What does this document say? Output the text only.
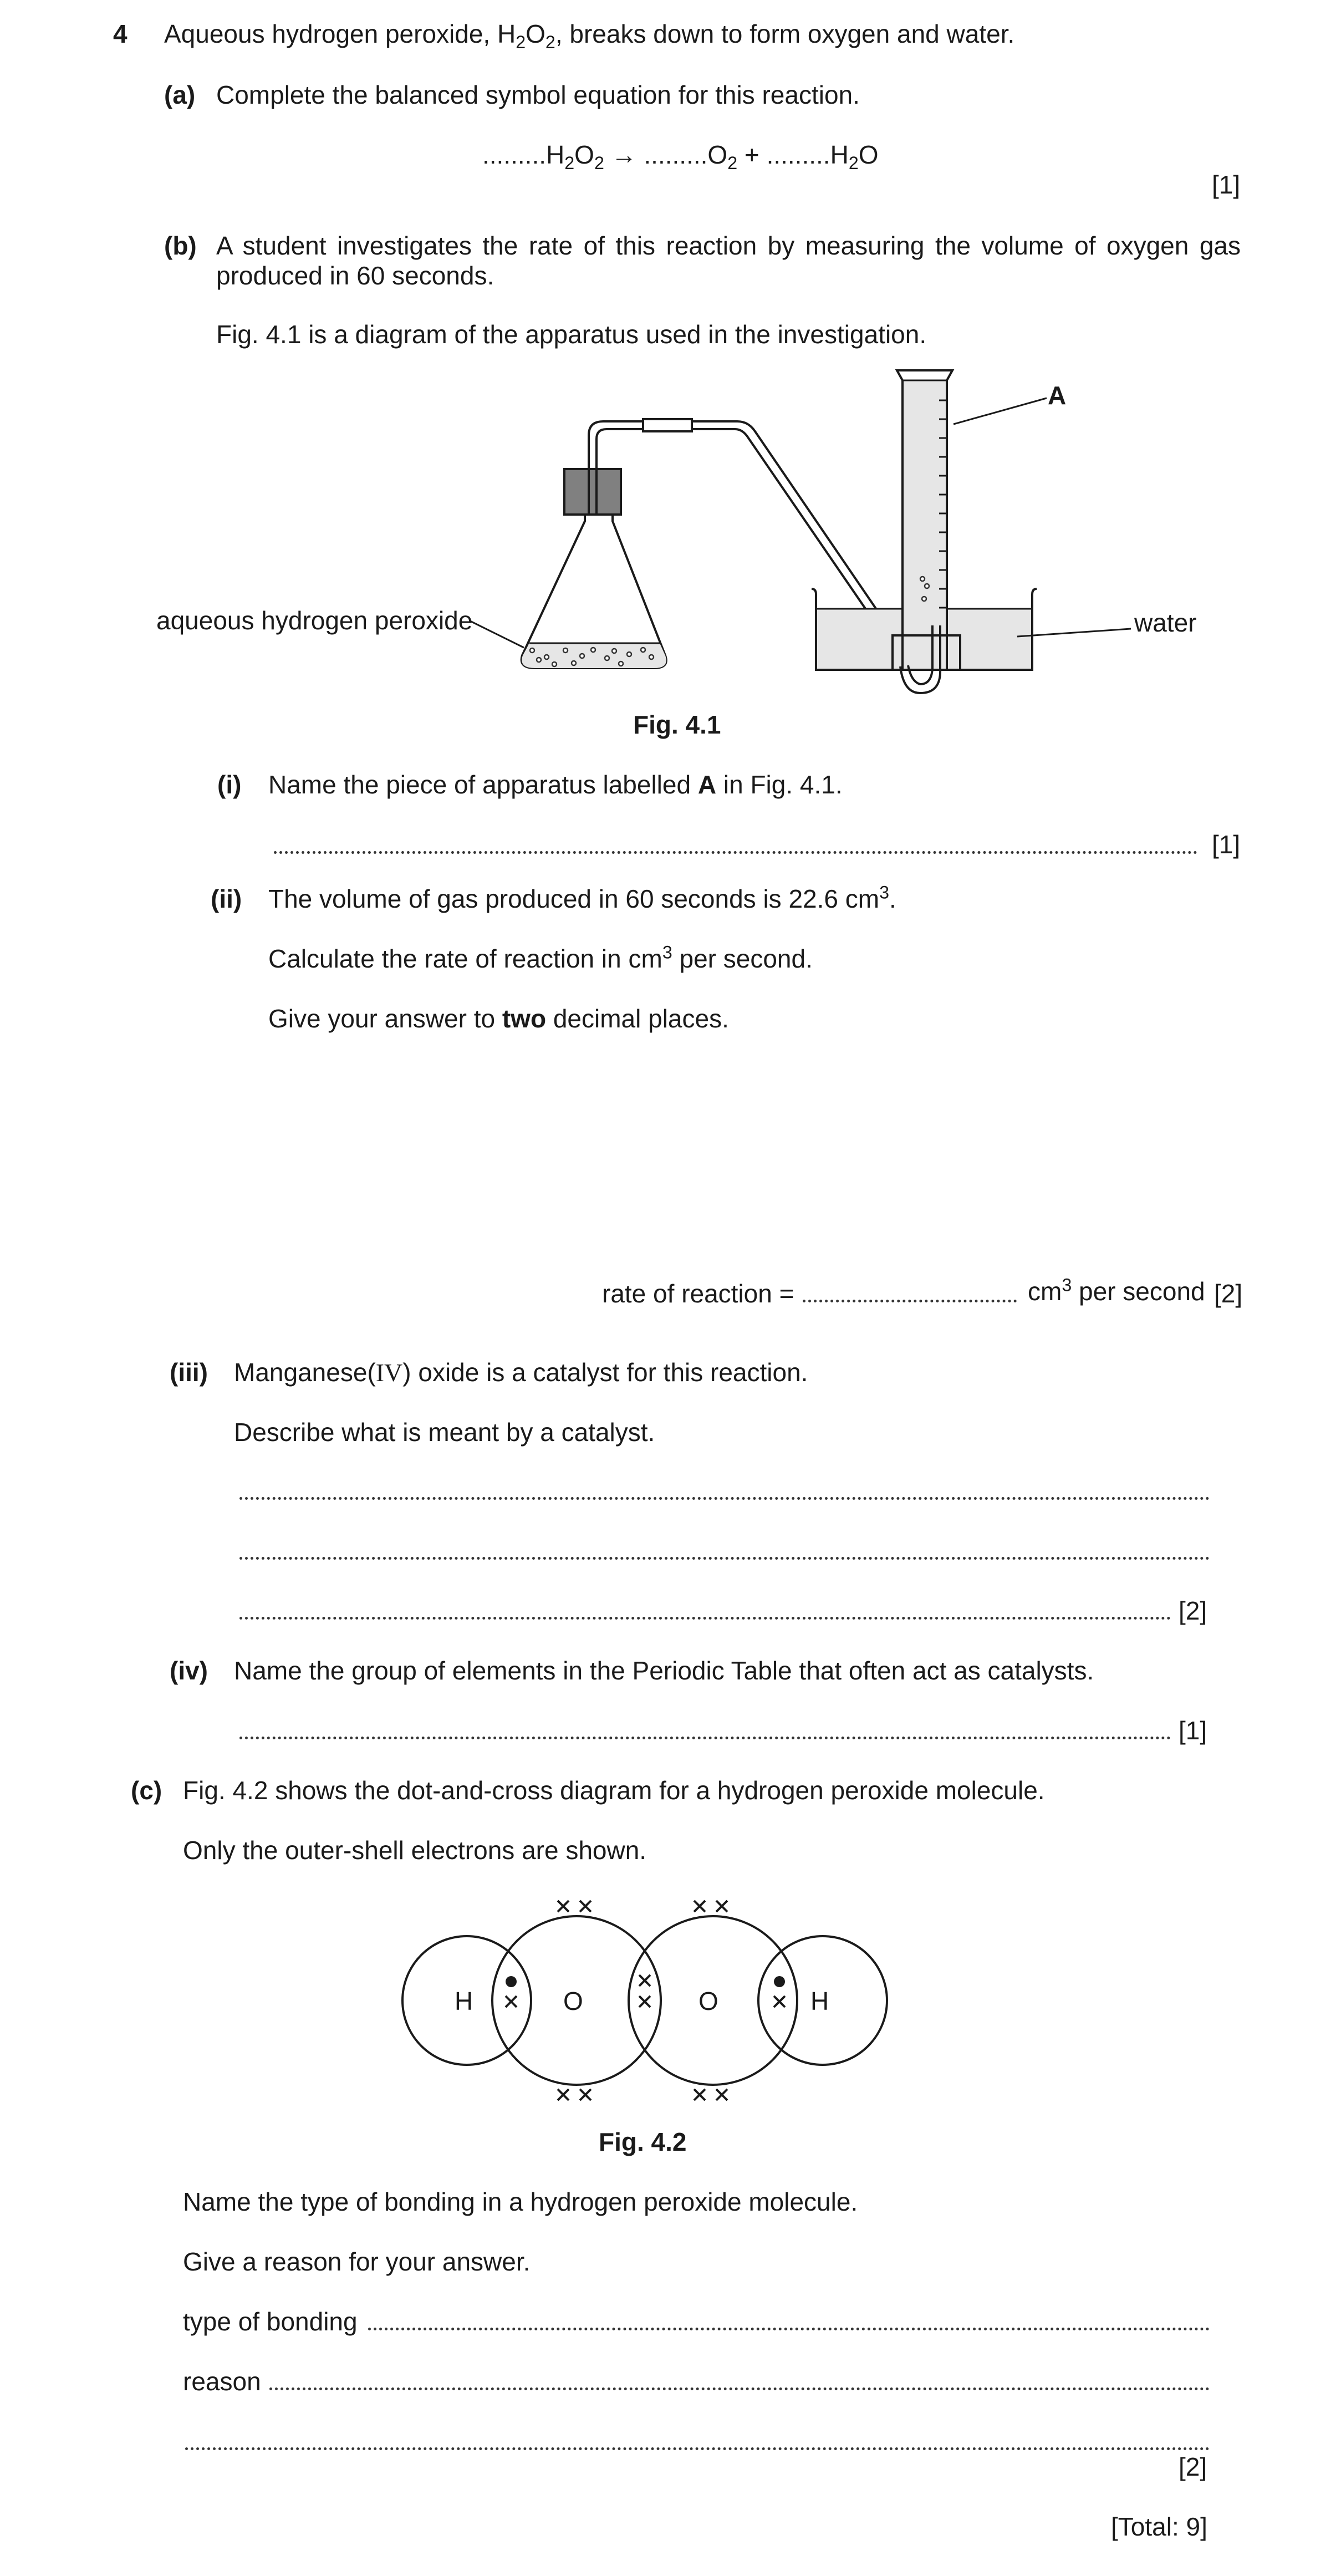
4 Aqueous hydrogen peroxide, $H_2O_2$, breaks down to form oxygen and water.
(a) Complete the balanced symbol equation for this reaction.
$.........H_2O_2 \to .........O_2 + .........H_2O$
[1]
(b) A student investigates the rate of this reaction by measuring the volume of oxygen gas
produced in 60 seconds.
Fig. 4.1 is a diagram of the apparatus used in the investigation.
A
aqueous hydrogen peroxide	water
Fig. 4.1
(i) Name the piece of apparatus labelled A in Fig. 4.1.
[1]
(ii) The volume of gas produced in 60 seconds is 22.6 $cm^3$.
Calculate the rate of reaction in $cm^3$ per second.
Give your answer to two decimal places.
rate of reaction =	$cm^3$ per second [2]
(iii) Manganese(IV) oxide is a catalyst for this reaction.
Describe what is meant by a catalyst.
[2]
(iv) Name the group of elements in the Periodic Table that often act as catalysts.
[1]
(c) Fig. 4.2 shows the dot-and-cross diagram for a hydrogen peroxide molecule.
Only the outer-shell electrons are shown.
H	O	O	H
Fig. 4.2
Name the type of bonding in a hydrogen peroxide molecule.
Give a reason for your answer.
type of bonding
reason
[2]
[Total: 9]
